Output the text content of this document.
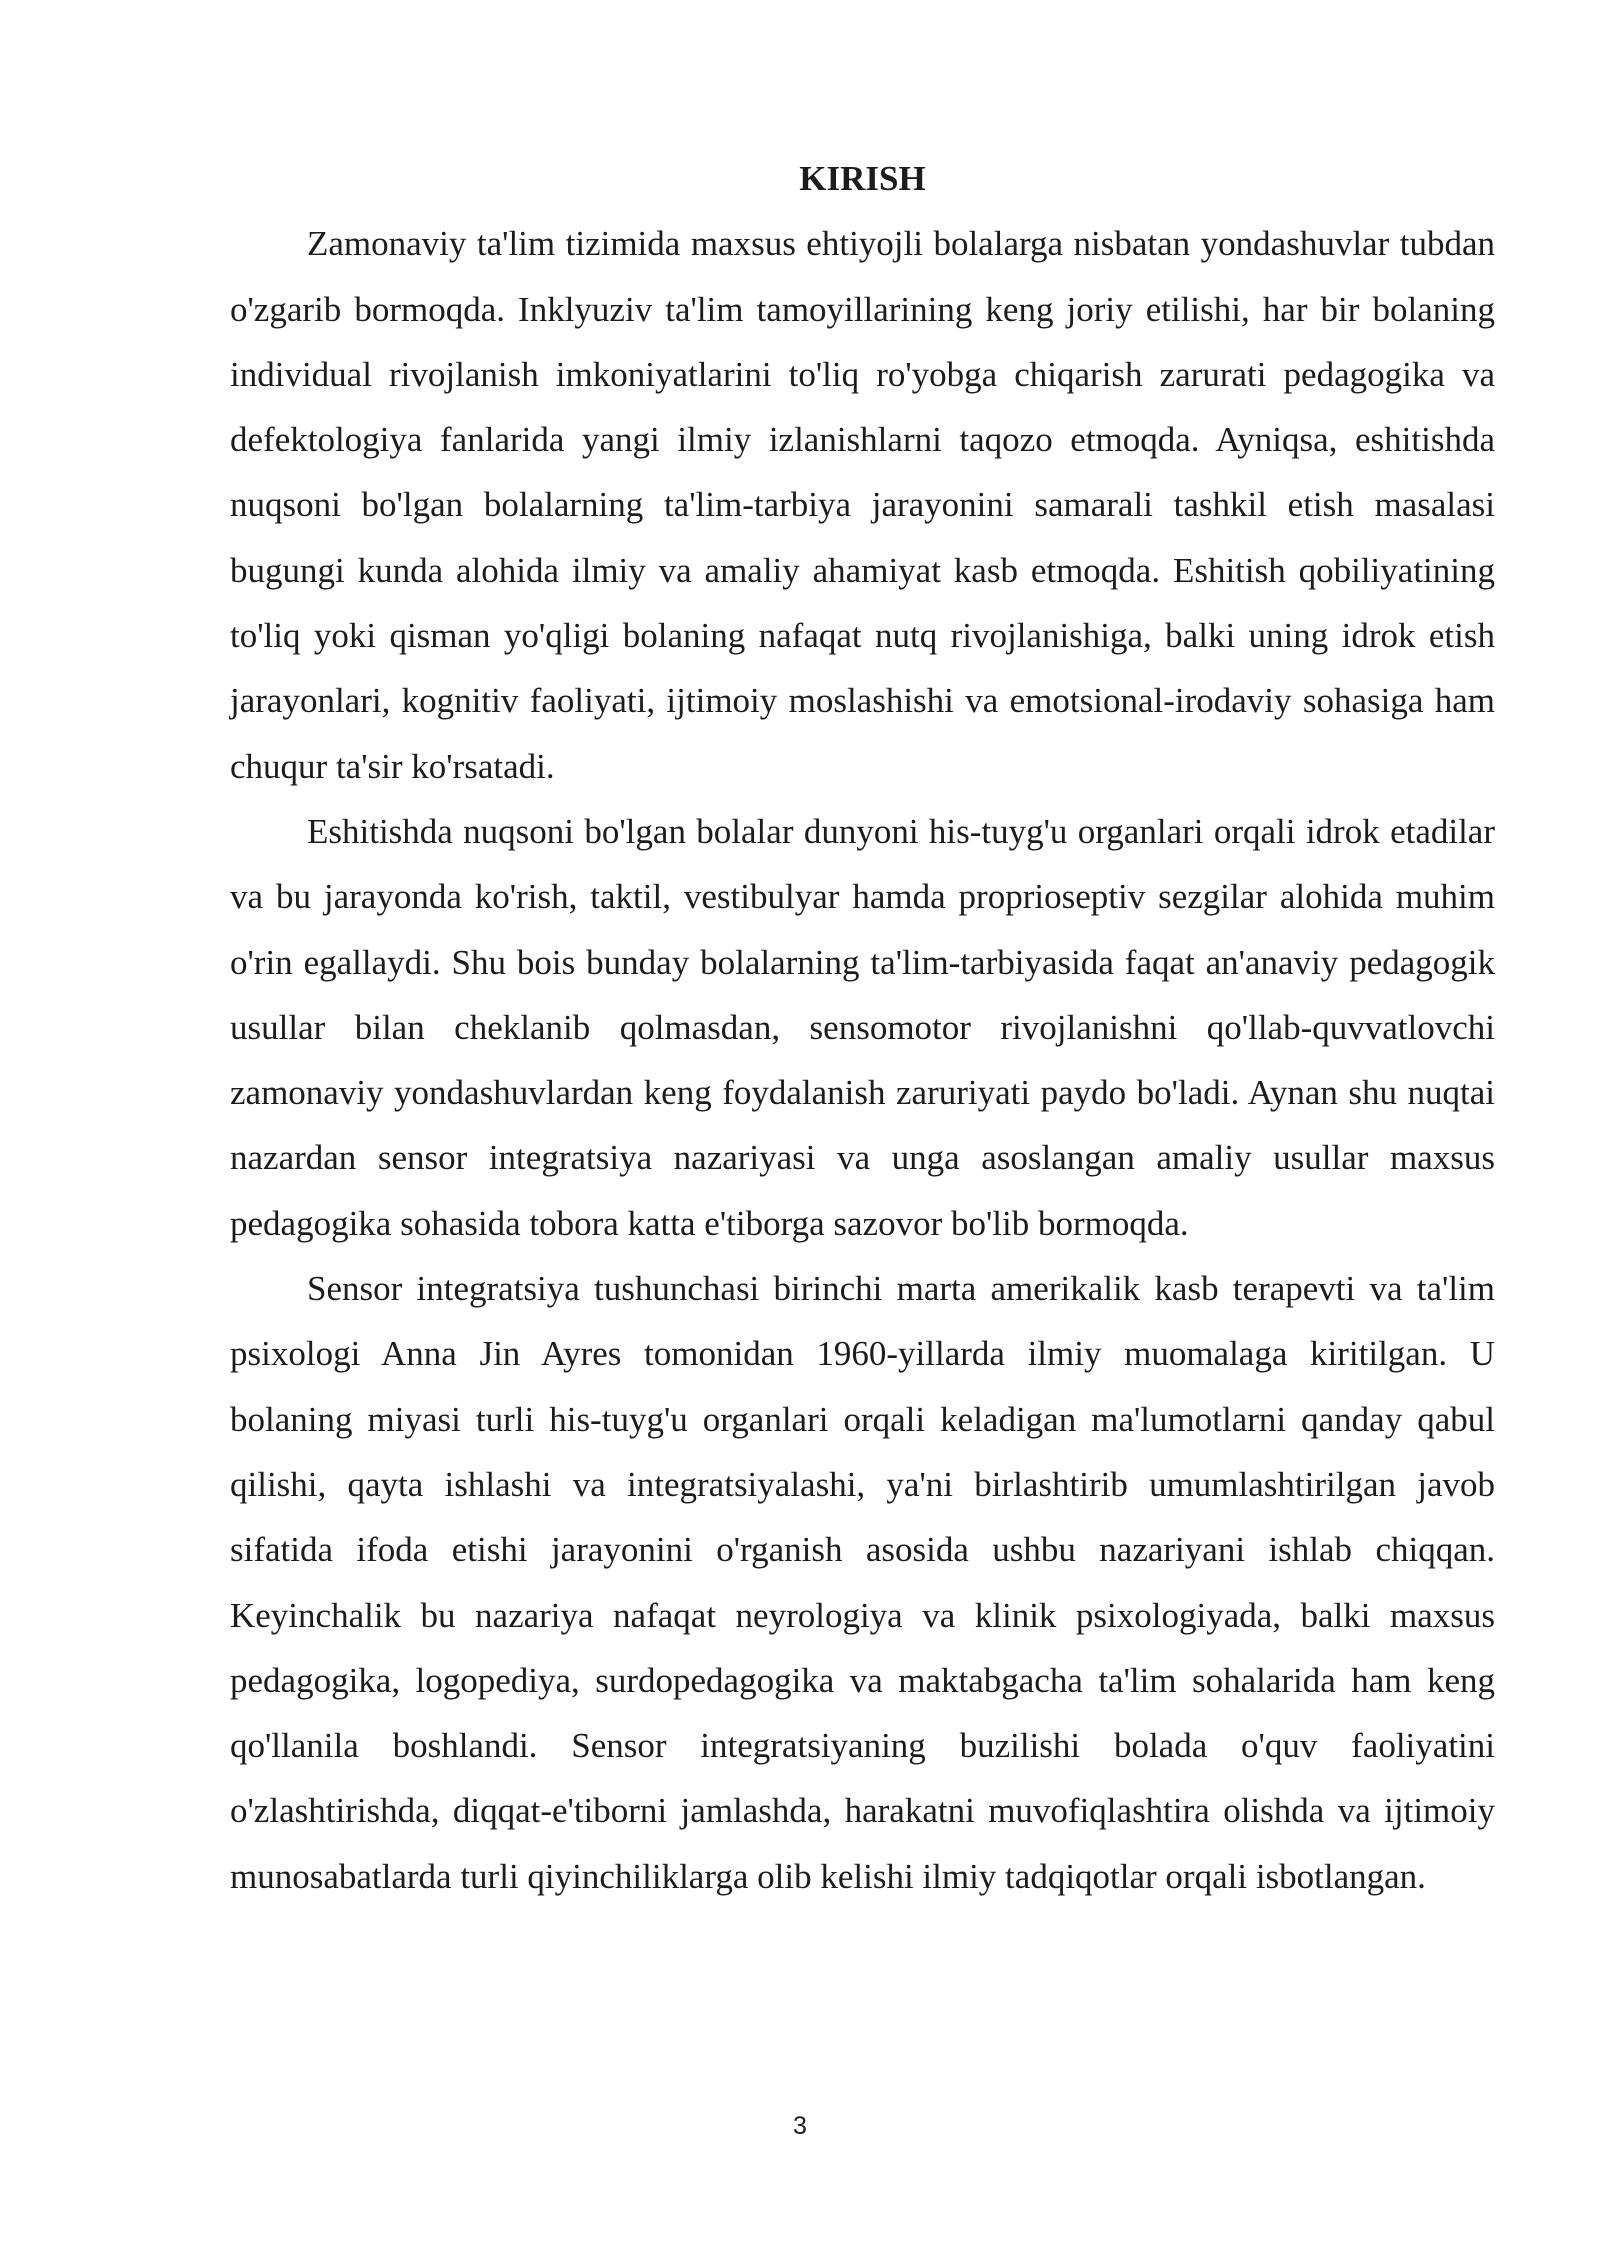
KIRISH

Zamonaviy ta'lim tizimida maxsus ehtiyojli bolalarga nisbatan yondashuvlar tubdan o'zgarib bormoqda. Inklyuziv ta'lim tamoyillarining keng joriy etilishi, har bir bolaning individual rivojlanish imkoniyatlarini to'liq ro'yobga chiqarish zarurati pedagogika va defektologiya fanlarida yangi ilmiy izlanishlarni taqozo etmoqda. Ayniqsa, eshitishda nuqsoni bo'lgan bolalarning ta'lim-tarbiya jarayonini samarali tashkil etish masalasi bugungi kunda alohida ilmiy va amaliy ahamiyat kasb etmoqda. Eshitish qobiliyatining to'liq yoki qisman yo'qligi bolaning nafaqat nutq rivojlanishiga, balki uning idrok etish jarayonlari, kognitiv faoliyati, ijtimoiy moslashishi va emotsional-irodaviy sohasiga ham chuqur ta'sir ko'rsatadi.

Eshitishda nuqsoni bo'lgan bolalar dunyoni his-tuyg'u organlari orqali idrok etadilar va bu jarayonda ko'rish, taktil, vestibulyar hamda proprioseptiv sezgilar alohida muhim o'rin egallaydi. Shu bois bunday bolalarning ta'lim-tarbiyasida faqat an'anaviy pedagogik usullar bilan cheklanib qolmasdan, sensomotor rivojlanishni qo'llab-quvvatlovchi zamonaviy yondashuvlardan keng foydalanish zaruriyati paydo bo'ladi. Aynan shu nuqtai nazardan sensor integratsiya nazariyasi va unga asoslangan amaliy usullar maxsus pedagogika sohasida tobora katta e'tiborga sazovor bo'lib bormoqda.

Sensor integratsiya tushunchasi birinchi marta amerikalik kasb terapevti va ta'lim psixologi Anna Jin Ayres tomonidan 1960-yillarda ilmiy muomalaga kiritilgan. U bolaning miyasi turli his-tuyg'u organlari orqali keladigan ma'lumotlarni qanday qabul qilishi, qayta ishlashi va integratsiyalashi, ya'ni birlashtirib umumlashtirilgan javob sifatida ifoda etishi jarayonini o'rganish asosida ushbu nazariyani ishlab chiqqan. Keyinchalik bu nazariya nafaqat neyrologiya va klinik psixologiyada, balki maxsus pedagogika, logopediya, surdopedagogika va maktabgacha ta'lim sohalarida ham keng qo'llanila boshlandi. Sensor integratsiyaning buzilishi bolada o'quv faoliyatini o'zlashtirishda, diqqat-e'tiborni jamlashda, harakatni muvofiqlashtira olishda va ijtimoiy munosabatlarda turli qiyinchiliklarga olib kelishi ilmiy tadqiqotlar orqali isbotlangan.

3
